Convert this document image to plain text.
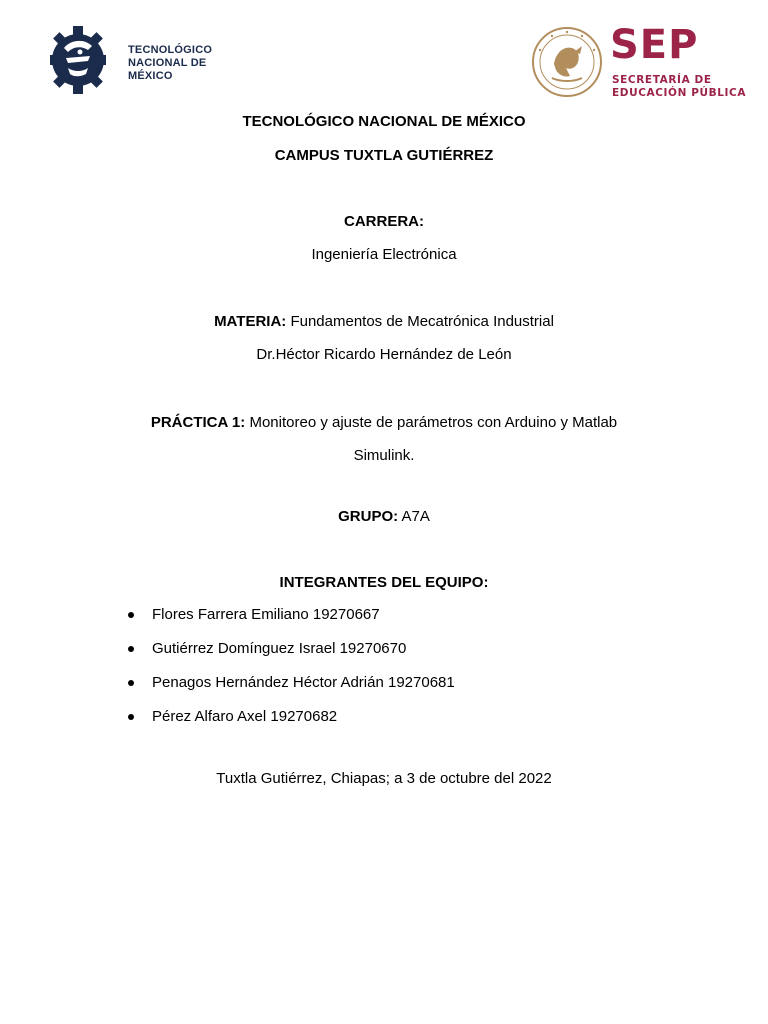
TECNOLÓGICO
NACIONAL DE MÉXICO
SEP
SECRETARÍA DE
EDUCACIÓN PÚBLICA
TECNOLÓGICO NACIONAL DE MÉXICO
CAMPUS TUXTLA GUTIÉRREZ
CARRERA:
Ingeniería Electrónica
MATERIA: Fundamentos de Mecatrónica Industrial
Dr.Héctor Ricardo Hernández de León
PRÁCTICA 1: Monitoreo y ajuste de parámetros con Arduino y Matlab
Simulink.
GRUPO: A7A
INTEGRANTES DEL EQUIPO:
Flores Farrera Emiliano 19270667
Gutiérrez Domínguez Israel 19270670
Penagos Hernández Héctor Adrián 19270681
Pérez Alfaro Axel 19270682
Tuxtla Gutiérrez, Chiapas; a 3 de octubre del 2022
